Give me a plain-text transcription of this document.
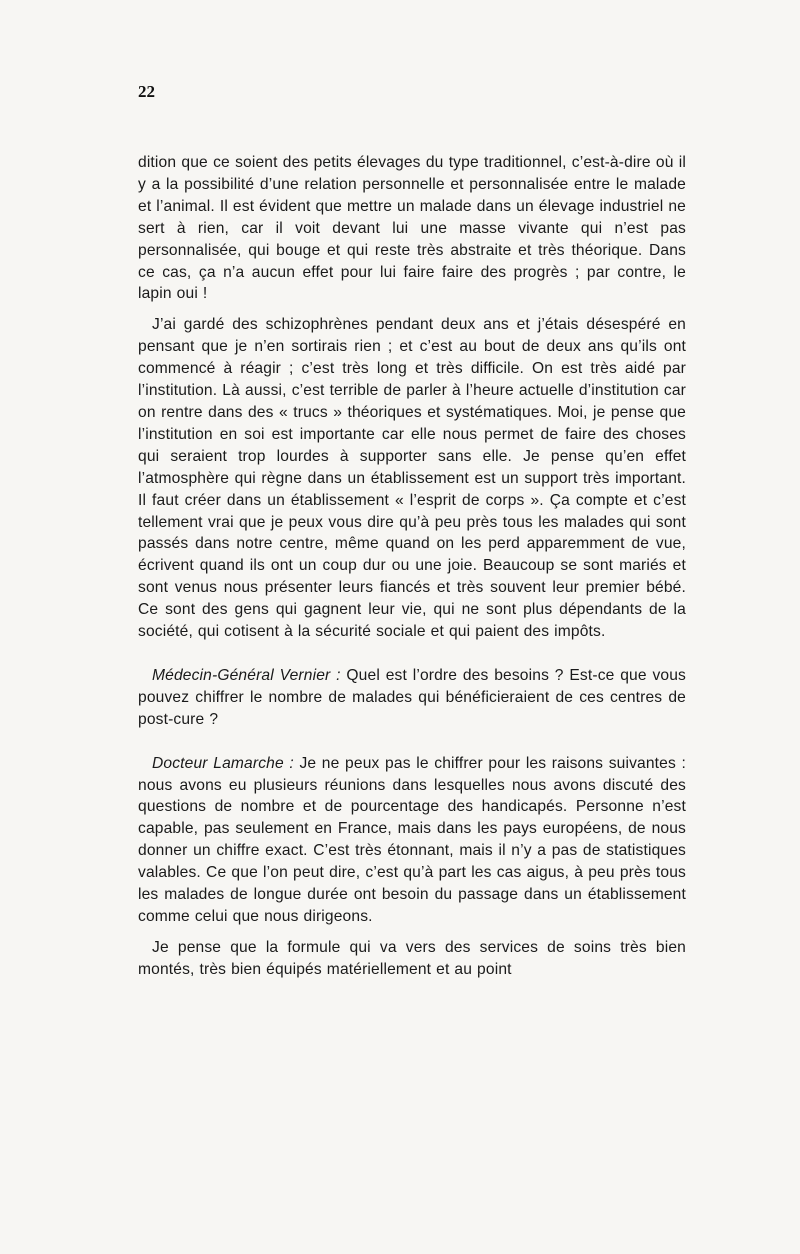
22

dition que ce soient des petits élevages du type traditionnel, c’est-à-dire où il y a la possibilité d’une relation personnelle et personnalisée entre le malade et l’animal. Il est évident que mettre un malade dans un élevage industriel ne sert à rien, car il voit devant lui une masse vivante qui n’est pas personnalisée, qui bouge et qui reste très abstraite et très théorique. Dans ce cas, ça n’a aucun effet pour lui faire faire des progrès ; par contre, le lapin oui !

J’ai gardé des schizophrènes pendant deux ans et j’étais désespéré en pensant que je n’en sortirais rien ; et c’est au bout de deux ans qu’ils ont commencé à réagir ; c’est très long et très difficile. On est très aidé par l’institution. Là aussi, c’est terrible de parler à l’heure actuelle d’institution car on rentre dans des « trucs » théoriques et systématiques. Moi, je pense que l’institution en soi est importante car elle nous permet de faire des choses qui seraient trop lourdes à supporter sans elle. Je pense qu’en effet l’atmosphère qui règne dans un établissement est un support très important. Il faut créer dans un établissement « l’esprit de corps ». Ça compte et c’est tellement vrai que je peux vous dire qu’à peu près tous les malades qui sont passés dans notre centre, même quand on les perd apparemment de vue, écrivent quand ils ont un coup dur ou une joie. Beaucoup se sont mariés et sont venus nous présenter leurs fiancés et très souvent leur premier bébé. Ce sont des gens qui gagnent leur vie, qui ne sont plus dépendants de la société, qui cotisent à la sécurité sociale et qui paient des impôts.

Médecin-Général Vernier : Quel est l’ordre des besoins ? Est-ce que vous pouvez chiffrer le nombre de malades qui bénéficieraient de ces centres de post-cure ?

Docteur Lamarche : Je ne peux pas le chiffrer pour les raisons suivantes : nous avons eu plusieurs réunions dans lesquelles nous avons discuté des questions de nombre et de pourcentage des handicapés. Personne n’est capable, pas seulement en France, mais dans les pays européens, de nous donner un chiffre exact. C’est très étonnant, mais il n’y a pas de statistiques valables. Ce que l’on peut dire, c’est qu’à part les cas aigus, à peu près tous les malades de longue durée ont besoin du passage dans un établissement comme celui que nous dirigeons.

Je pense que la formule qui va vers des services de soins très bien montés, très bien équipés matériellement et au point
